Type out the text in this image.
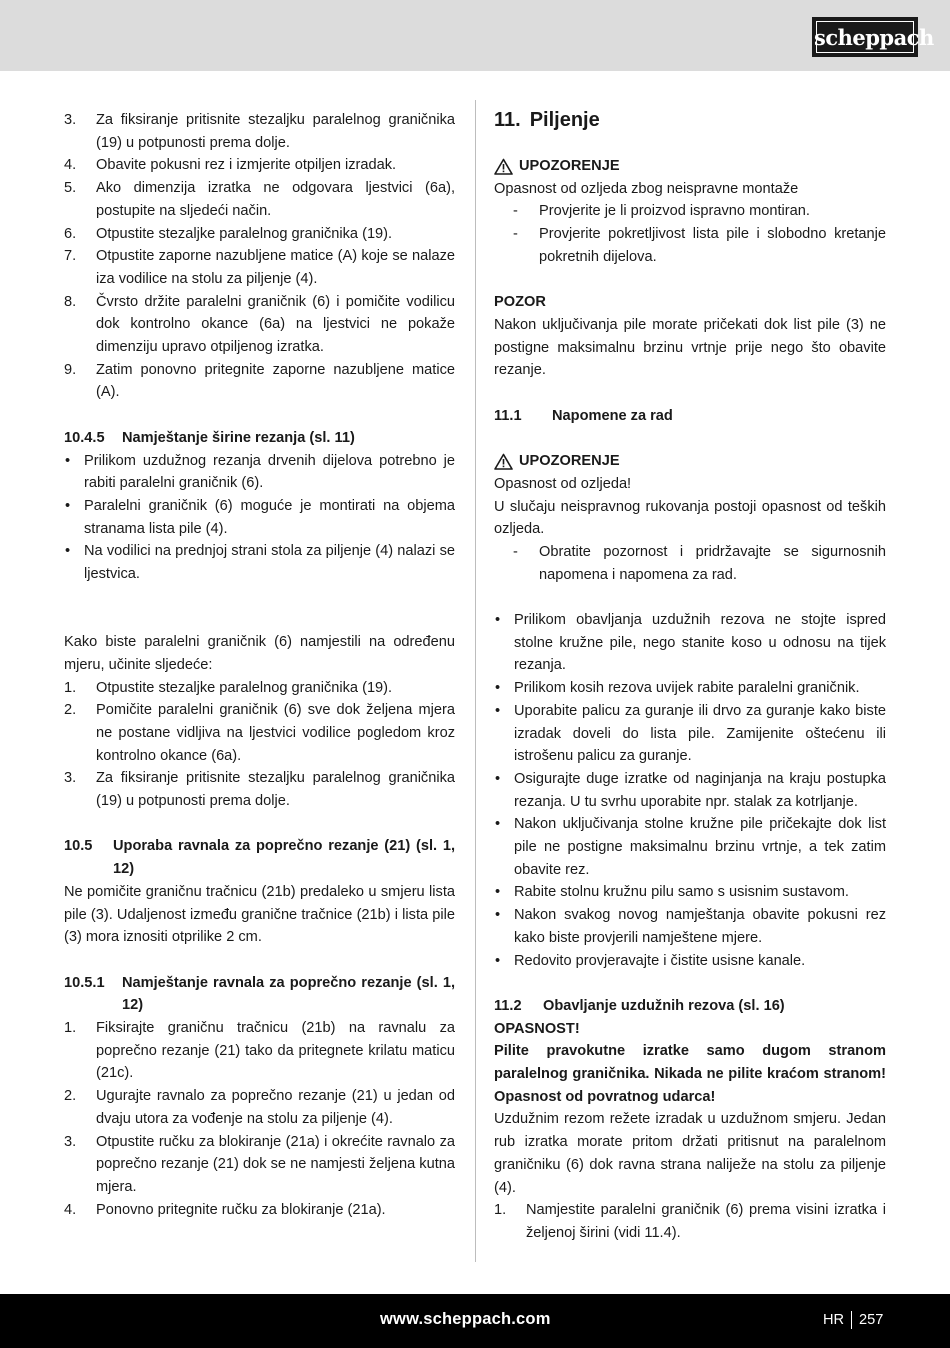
scheppach
3. Za fiksiranje pritisnite stezaljku paralelnog graničnika (19) u potpunosti prema dolje.
4. Obavite pokusni rez i izmjerite otpiljen izradak.
5. Ako dimenzija izratka ne odgovara ljestvici (6a), postupite na sljedeći način.
6. Otpustite stezaljke paralelnog graničnika (19).
7. Otpustite zaporne nazubljene matice (A) koje se nalaze iza vodilice na stolu za piljenje (4).
8. Čvrsto držite paralelni graničnik (6) i pomičite vodilicu dok kontrolno okance (6a) na ljestvici ne pokaže dimenziju upravo otpiljenog izratka.
9. Zatim ponovno pritegnite zaporne nazubljene matice (A).
10.4.5 Namještanje širine rezanja (sl. 11)
• Prilikom uzdužnog rezanja drvenih dijelova potrebno je rabiti paralelni graničnik (6).
• Paralelni graničnik (6) moguće je montirati na objema stranama lista pile (4).
• Na vodilici na prednjoj strani stola za piljenje (4) nalazi se ljestvica.

Kako biste paralelni graničnik (6) namjestili na određenu mjeru, učinite sljedeće:

1. Otpustite stezaljke paralelnog graničnika (19).
2. Pomičite paralelni graničnik (6) sve dok željena mjera ne postane vidljiva na ljestvici vodilice pogledom kroz kontrolno okance (6a).
3. Za fiksiranje pritisnite stezaljku paralelnog graničnika (19) u potpunosti prema dolje.
10.5 Uporaba ravnala za poprečno rezanje (21) (sl. 1, 12)

Ne pomičite graničnu tračnicu (21b) predaleko u smjeru lista pile (3). Udaljenost između granične tračnice (21b) i lista pile (3) mora iznositi otprilike 2 cm.

10.5.1 Namještanje ravnala za poprečno rezanje (sl. 1, 12)
1. Fiksirajte graničnu tračnicu (21b) na ravnalu za poprečno rezanje (21) tako da pritegnete krilatu maticu (21c).
2. Ugurajte ravnalo za poprečno rezanje (21) u jedan od dvaju utora za vođenje na stolu za piljenje (4).
3. Otpustite ručku za blokiranje (21a) i okrećite ravnalo za poprečno rezanje (21) dok se ne namjesti željena kutna mjera.
4. Ponovno pritegnite ručku za blokiranje (21a).
11. Piljenje
UPOZORENJE
Opasnost od ozljeda zbog neispravne montaže
- Provjerite je li proizvod ispravno montiran.
- Provjerite pokretljivost lista pile i slobodno kretanje pokretnih dijelova.
POZOR

Nakon uključivanja pile morate pričekati dok list pile (3) ne postigne maksimalnu brzinu vrtnje prije nego što obavite rezanje.

11.1 Napomene za rad
UPOZORENJE
Opasnost od ozljeda!

U slučaju neispravnog rukovanja postoji opasnost od teških ozljeda.

- Obratite pozornost i pridržavajte se sigurnosnih napomena i napomena za rad.
• Prilikom obavljanja uzdužnih rezova ne stojte ispred stolne kružne pile, nego stanite koso u odnosu na tijek rezanja.
• Prilikom kosih rezova uvijek rabite paralelni graničnik.
• Uporabite palicu za guranje ili drvo za guranje kako biste izradak doveli do lista pile. Zamijenite oštećenu ili istrošenu palicu za guranje.
• Osigurajte duge izratke od naginjanja na kraju postupka rezanja. U tu svrhu uporabite npr. stalak za kotrljanje.
• Nakon uključivanja stolne kružne pile pričekajte dok list pile ne postigne maksimalnu brzinu vrtnje, a tek zatim obavite rez.
• Rabite stolnu kružnu pilu samo s usisnim sustavom.
• Nakon svakog novog namještanja obavite pokusni rez kako biste provjerili namještene mjere.
• Redovito provjeravajte i čistite usisne kanale.
11.2 Obavljanje uzdužnih rezova (sl. 16)
OPASNOST!

Pilite pravokutne izratke samo dugom stranom paralelnog graničnika. Nikada ne pilite kraćom stranom! Opasnost od povratnog udarca!

Uzdužnim rezom režete izradak u uzdužnom smjeru. Jedan rub izratka morate pritom držati pritisnut na paralelnom graničniku (6) dok ravna strana naliježe na stolu za piljenje (4).

1. Namjestite paralelni graničnik (6) prema visini izratka i željenoj širini (vidi 11.4).
www.scheppach.com	HR 257
